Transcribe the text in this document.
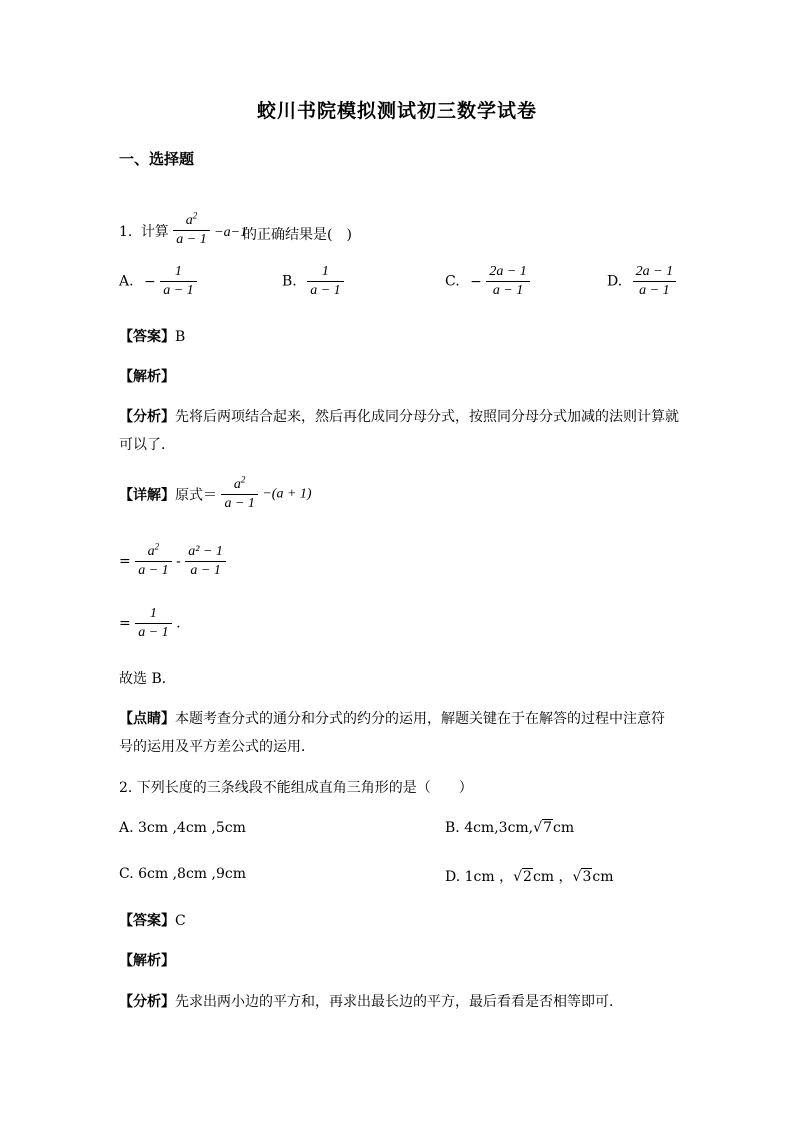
蛟川书院模拟测试初三数学试卷
一、选择题
1. 计算 $\frac{a^2}{a - 1} -a-1$
的正确结果是(　)
A. − $\frac{1}{a - 1}$	B. $\frac{1}{a - 1}$	C. − $\frac{2a - 1}{a - 1}$	D. $\frac{2a - 1}{a - 1}$
【答案】B
【解析】
【分析】先将后两项结合起来，然后再化成同分母分式，按照同分母分式加减的法则计算就
可以了．
【详解】原式＝ $\frac{a^2}{a - 1} -(a + 1)$
= $\frac{a^2}{a - 1} - \frac{\text{a² − 1}}{a - 1}$
= $\frac{1}{a - 1}$ .
故选 B．
【点睛】本题考查分式的通分和分式的约分的运用，解题关键在于在解答的过程中注意符
号的运用及平方差公式的运用．
2. 下列长度的三条线段不能组成直角三角形的是（　　）
A. 3cm ,4cm ,5cm	B. 4cm,3cm,√7cm
C. 6cm ,8cm ,9cm	D. 1cm ，√2cm ，√3cm
【答案】C
【解析】
【分析】先求出两小边的平方和，再求出最长边的平方，最后看看是否相等即可．
